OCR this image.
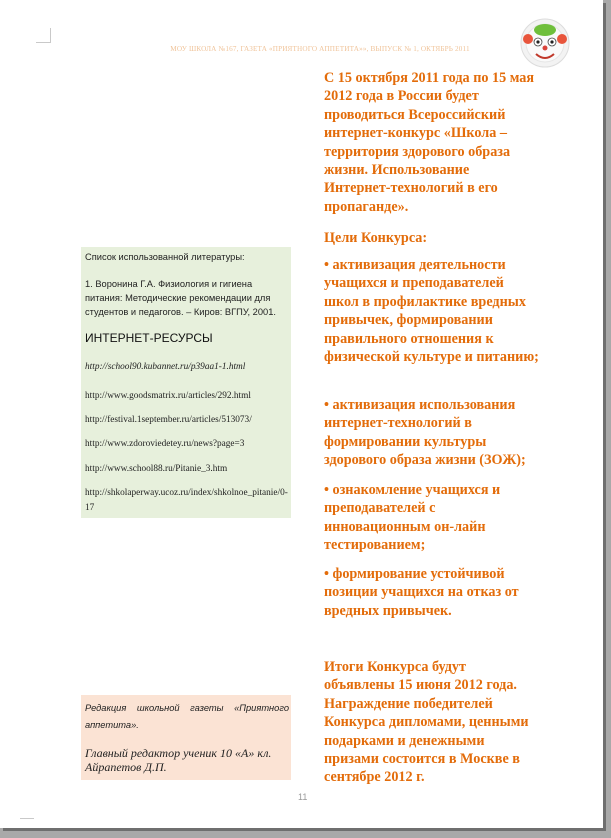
МОУ ШКОЛА №167, ГАЗЕТА «ПРИЯТНОГО АППЕТИТА»», ВЫПУСК № 1, ОКТЯБРЬ 2011
Список использованной литературы:
1. Воронина Г.А. Физиология и гигиена питания: Методические рекомендации для студентов и педагогов. – Киров: ВГПУ, 2001.
ИНТЕРНЕТ-РЕСУРСЫ
http://school90.kubannet.ru/p39aa1-1.html
http://www.goodsmatrix.ru/articles/292.html
http://festival.1september.ru/articles/513073/
http://www.zdoroviedetey.ru/news?page=3
http://www.school88.ru/Pitanie_3.htm
http://shkolaperway.ucoz.ru/index/shkolnoe_pitanie/0-17
Редакция школьной газеты «Приятного аппетита».
Главный редактор ученик 10 «А» кл. Айрапетов Д.П.
С 15 октября 2011 года по 15 мая 2012 года в России будет проводиться Всероссийский интернет-конкурс «Школа – территория здорового образа жизни. Использование Интернет-технологий в его пропаганде».
Цели Конкурса:
• активизация деятельности учащихся и преподавателей школ в профилактике вредных привычек, формировании правильного отношения к физической культуре и питанию;
• активизация использования интернет-технологий в формировании культуры здорового образа жизни (ЗОЖ);
• ознакомление учащихся и преподавателей с инновационным он-лайн тестированием;
• формирование устойчивой позиции учащихся на отказ от вредных привычек.
Итоги Конкурса будут объявлены 15 июня 2012 года. Награждение победителей Конкурса дипломами, ценными подарками и денежными призами состоится в Москве в сентябре 2012 г.
11
